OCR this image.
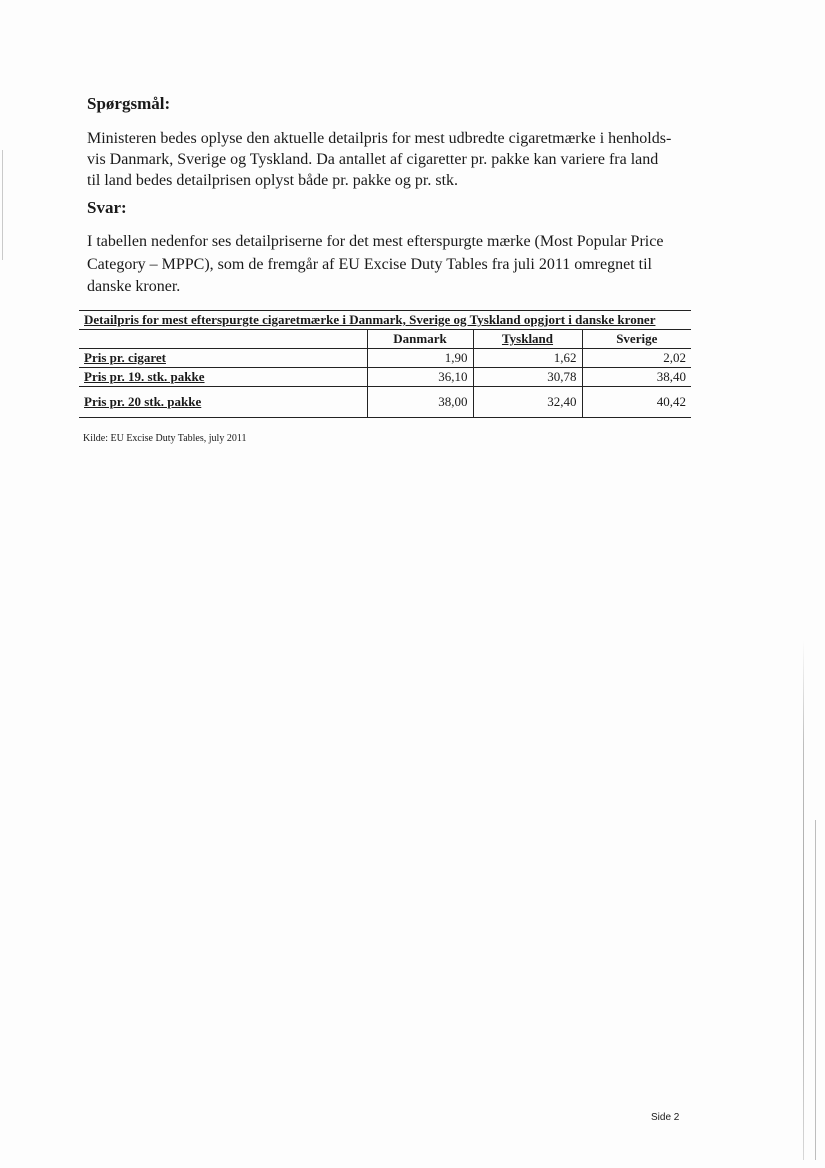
Spørgsmål:

Ministeren bedes oplyse den aktuelle detailpris for mest udbredte cigaretmærke i henholds-
vis Danmark, Sverige og Tyskland. Da antallet af cigaretter pr. pakke kan variere fra land
til land bedes detailprisen oplyst både pr. pakke og pr. stk.

Svar:

I tabellen nedenfor ses detailpriserne for det mest efterspurgte mærke (Most Popular Price
Category – MPPC), som de fremgår af EU Excise Duty Tables fra juli 2011 omregnet til
danske kroner.

Detailpris for mest efterspurgte cigaretmærke i Danmark, Sverige og Tyskland opgjort i danske kroner			
	Danmark	Tyskland	Sverige
Pris pr. cigaret	1,90	1,62	2,02
Pris pr. 19. stk. pakke	36,10	30,78	38,40
Pris pr. 20 stk. pakke	38,00	32,40	40,42

Kilde: EU Excise Duty Tables, july 2011

Side 2
